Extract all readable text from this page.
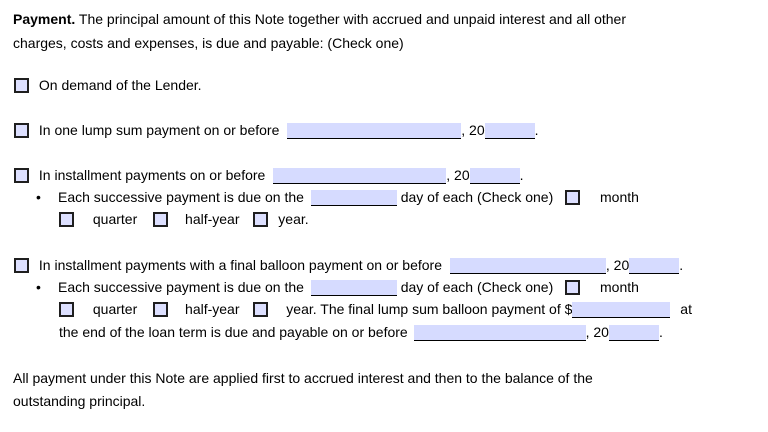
Payment. The principal amount of this Note together with accrued and unpaid interest and all other
charges, costs and expenses, is due and payable: (Check one)
On demand of the Lender.
In one lump sum payment on or before	, 20	.
In installment payments on or before	, 20	.
• Each successive payment is due on the	day of each (Check one)	month
quarter	half-year	year.
In installment payments with a final balloon payment on or before	, 20	.
• Each successive payment is due on the	day of each (Check one)	month
quarter	half-year	year. The final lump sum balloon payment of $	at
the end of the loan term is due and payable on or before	, 20	.
All payment under this Note are applied first to accrued interest and then to the balance of the
outstanding principal.
